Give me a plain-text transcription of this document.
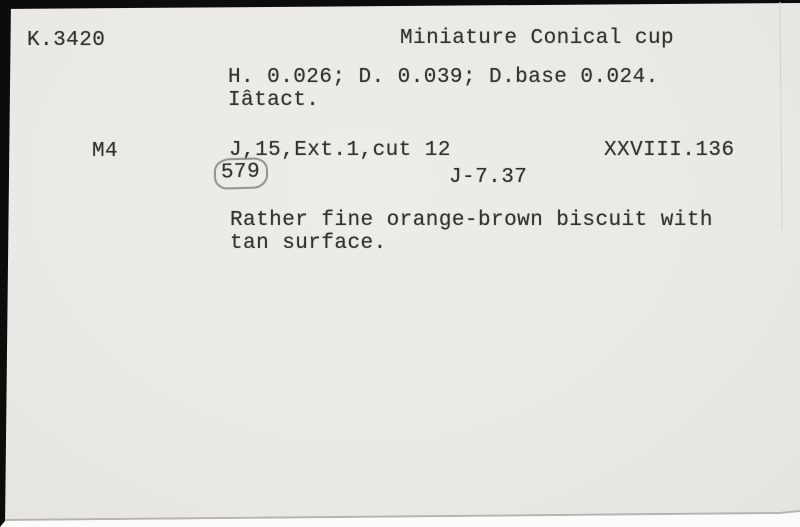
K.3420	Miniature Conical cup
H. 0.026; D. 0.039; D.base 0.024.
Iâtact.
M4	J,15,Ext.1,cut 12	XXVIII.136
579	J-7.37
Rather fine orange-brown biscuit with
tan surface.
